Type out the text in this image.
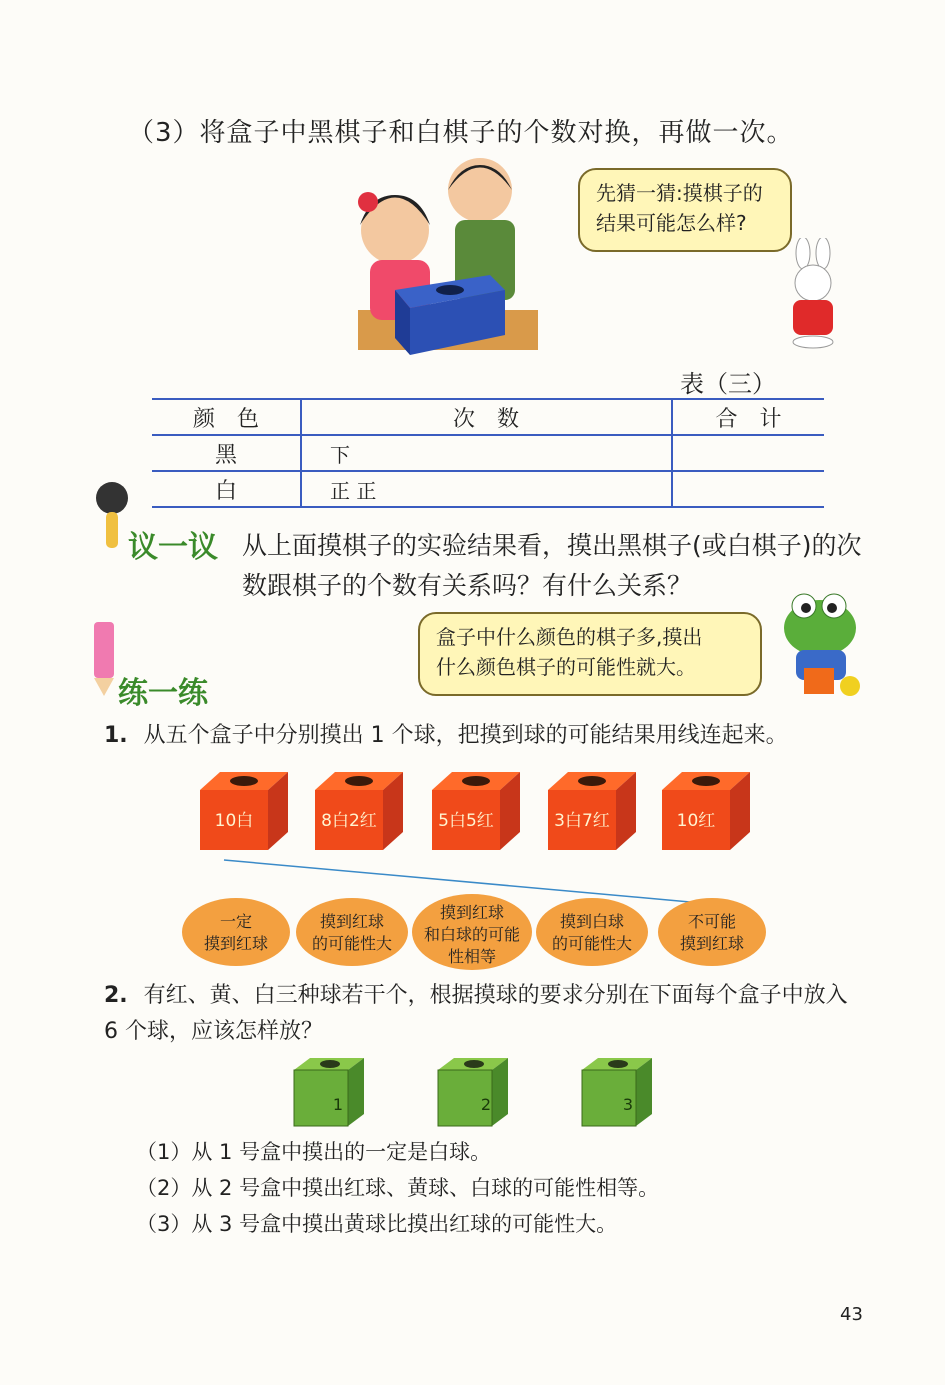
（3）将盒子中黑棋子和白棋子的个数对换，再做一次。
先猜一猜:摸棋子的
结果可能怎么样?
表（三）
颜　色	次　数	合　计
黑	下	
白	正 正	
议一议 从上面摸棋子的实验结果看，摸出黑棋子(或白棋子)的次数跟棋子的个数有关系吗？有什么关系？
盒子中什么颜色的棋子多,摸出
什么颜色棋子的可能性就大。
练一练
1. 从五个盒子中分别摸出 1 个球，把摸到球的可能结果用线连起来。
10白	8白2红	5白5红	3白7红	10红
一定
摸到红球
摸到红球
的可能性大
摸到红球
和白球的可能
性相等
摸到白球
的可能性大
不可能
摸到红球
2. 有红、黄、白三种球若干个，根据摸球的要求分别在下面每个盒子中放入 6 个球，应该怎样放？
1	2	3
（1）从 1 号盒中摸出的一定是白球。
（2）从 2 号盒中摸出红球、黄球、白球的可能性相等。
（3）从 3 号盒中摸出黄球比摸出红球的可能性大。
43
